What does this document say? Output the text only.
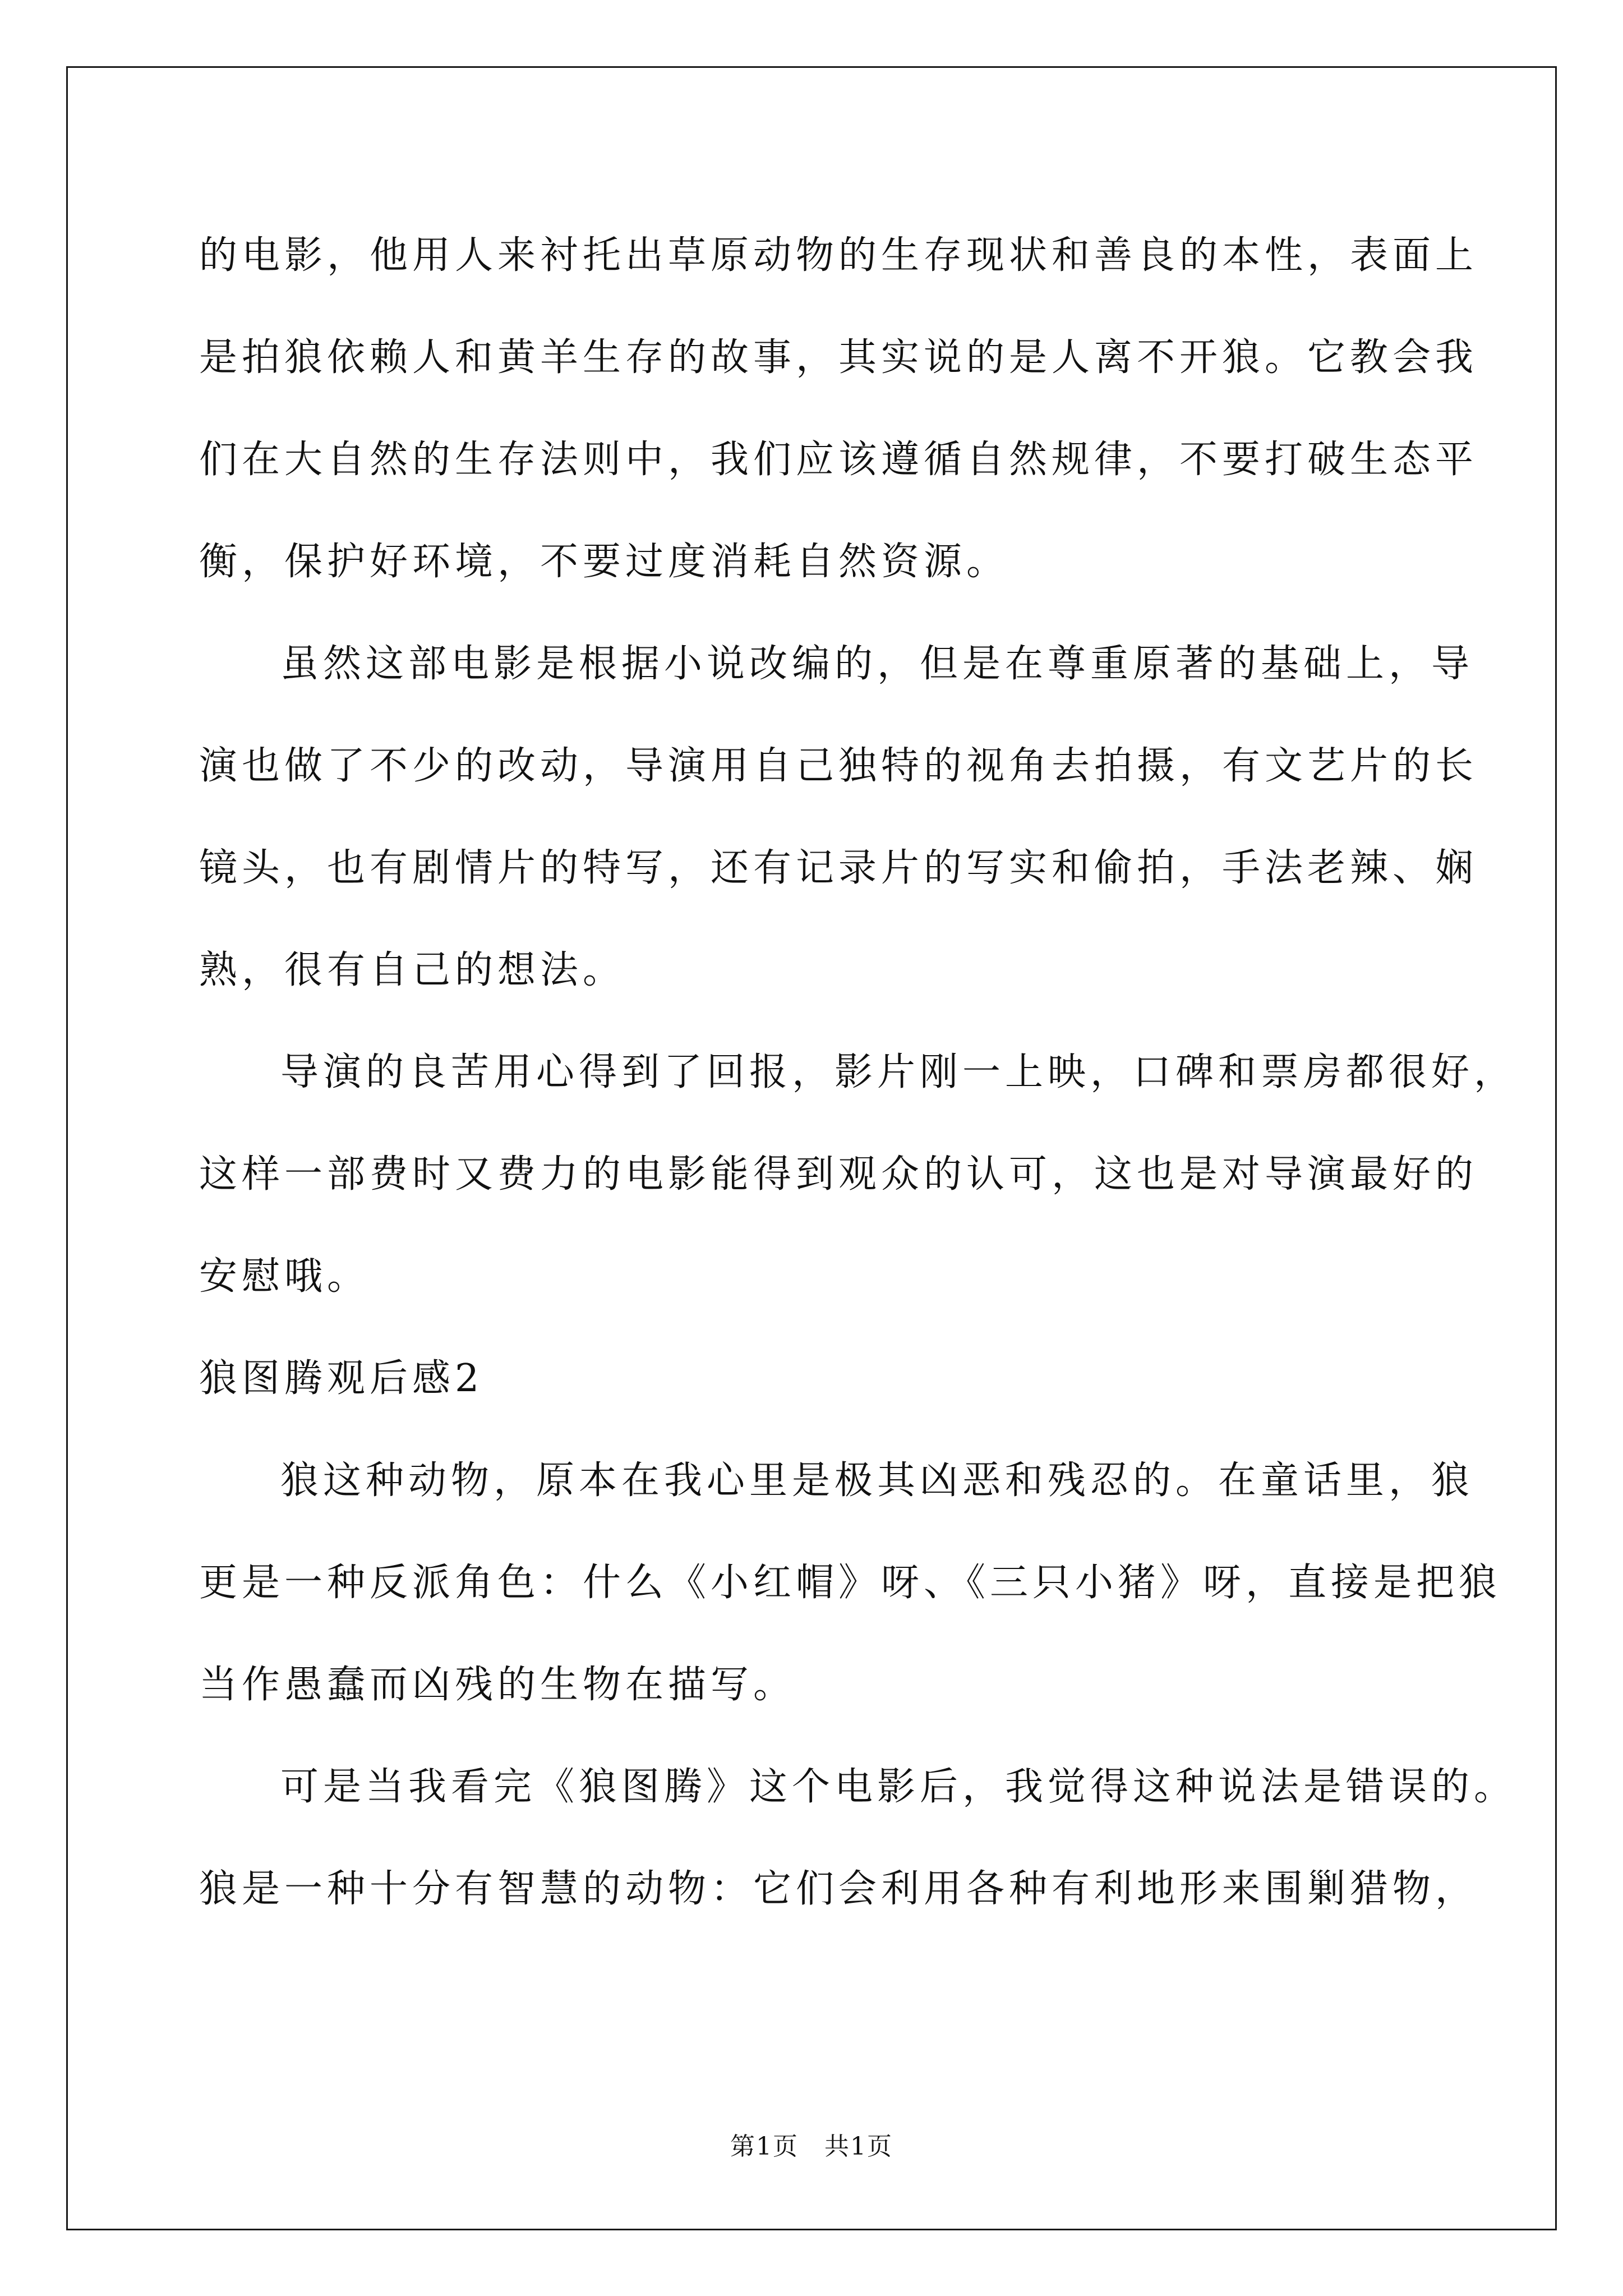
的电影，他用人来衬托出草原动物的生存现状和善良的本性，表面上
是拍狼依赖人和黄羊生存的故事，其实说的是人离不开狼。它教会我
们在大自然的生存法则中，我们应该遵循自然规律，不要打破生态平
衡，保护好环境，不要过度消耗自然资源。
虽然这部电影是根据小说改编的，但是在尊重原著的基础上，导
演也做了不少的改动，导演用自己独特的视角去拍摄，有文艺片的长
镜头，也有剧情片的特写，还有记录片的写实和偷拍，手法老辣、娴
熟，很有自己的想法。
导演的良苦用心得到了回报，影片刚一上映，口碑和票房都很好，
这样一部费时又费力的电影能得到观众的认可，这也是对导演最好的
安慰哦。
狼图腾观后感2
狼这种动物，原本在我心里是极其凶恶和残忍的。在童话里，狼
更是一种反派角色：什么《小红帽》呀、《三只小猪》呀，直接是把狼
当作愚蠢而凶残的生物在描写。
可是当我看完《狼图腾》这个电影后，我觉得这种说法是错误的。
狼是一种十分有智慧的动物：它们会利用各种有利地形来围剿猎物，
第1页　共1页
